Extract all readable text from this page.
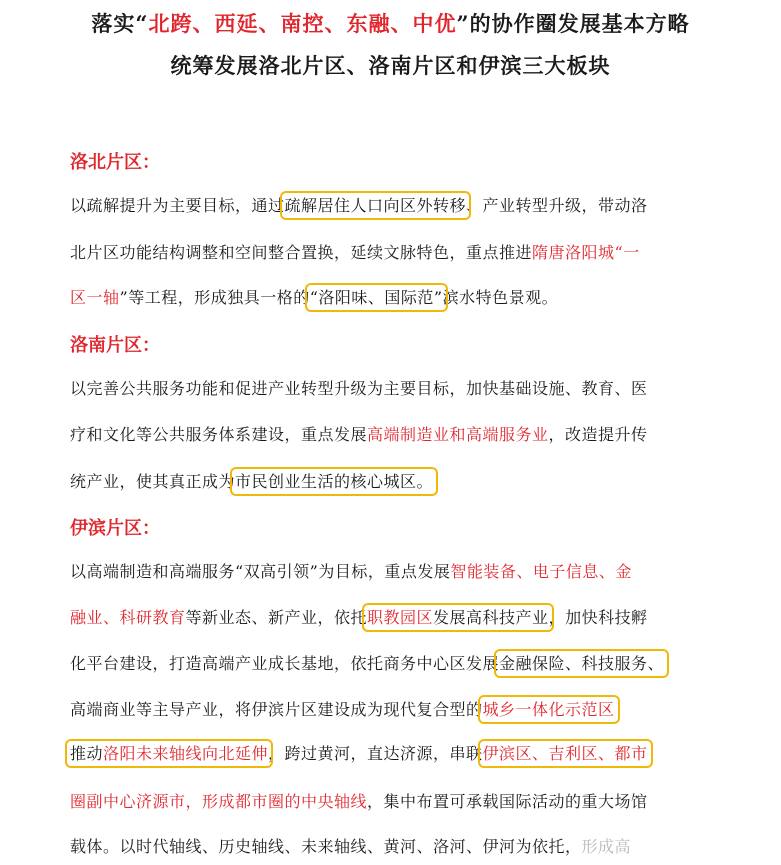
落实“北跨、西延、南控、东融、中优”的协作圈发展基本方略
统筹发展洛北片区、洛南片区和伊滨三大板块
洛北片区：
以疏解提升为主要目标，通过疏解居住人口向区外转移、产业转型升级，带动洛
北片区功能结构调整和空间整合置换，延续文脉特色，重点推进隋唐洛阳城“一
区一轴”等工程，形成独具一格的“洛阳味、国际范”滨水特色景观。
洛南片区：
以完善公共服务功能和促进产业转型升级为主要目标，加快基础设施、教育、医
疗和文化等公共服务体系建设，重点发展高端制造业和高端服务业，改造提升传
统产业，使其真正成为市民创业生活的核心城区。
伊滨片区：
以高端制造和高端服务“双高引领”为目标，重点发展智能装备、电子信息、金
融业、科研教育等新业态、新产业，依托职教园区发展高科技产业，加快科技孵
化平台建设，打造高端产业成长基地，依托商务中心区发展金融保险、科技服务、
高端商业等主导产业，将伊滨片区建设成为现代复合型的城乡一体化示范区
推动洛阳未来轴线向北延伸，跨过黄河，直达济源，串联伊滨区、吉利区、都市
圈副中心济源市，形成都市圈的中央轴线，集中布置可承载国际活动的重大场馆
载体。以时代轴线、历史轴线、未来轴线、黄河、洛河、伊河为依托，形成高
